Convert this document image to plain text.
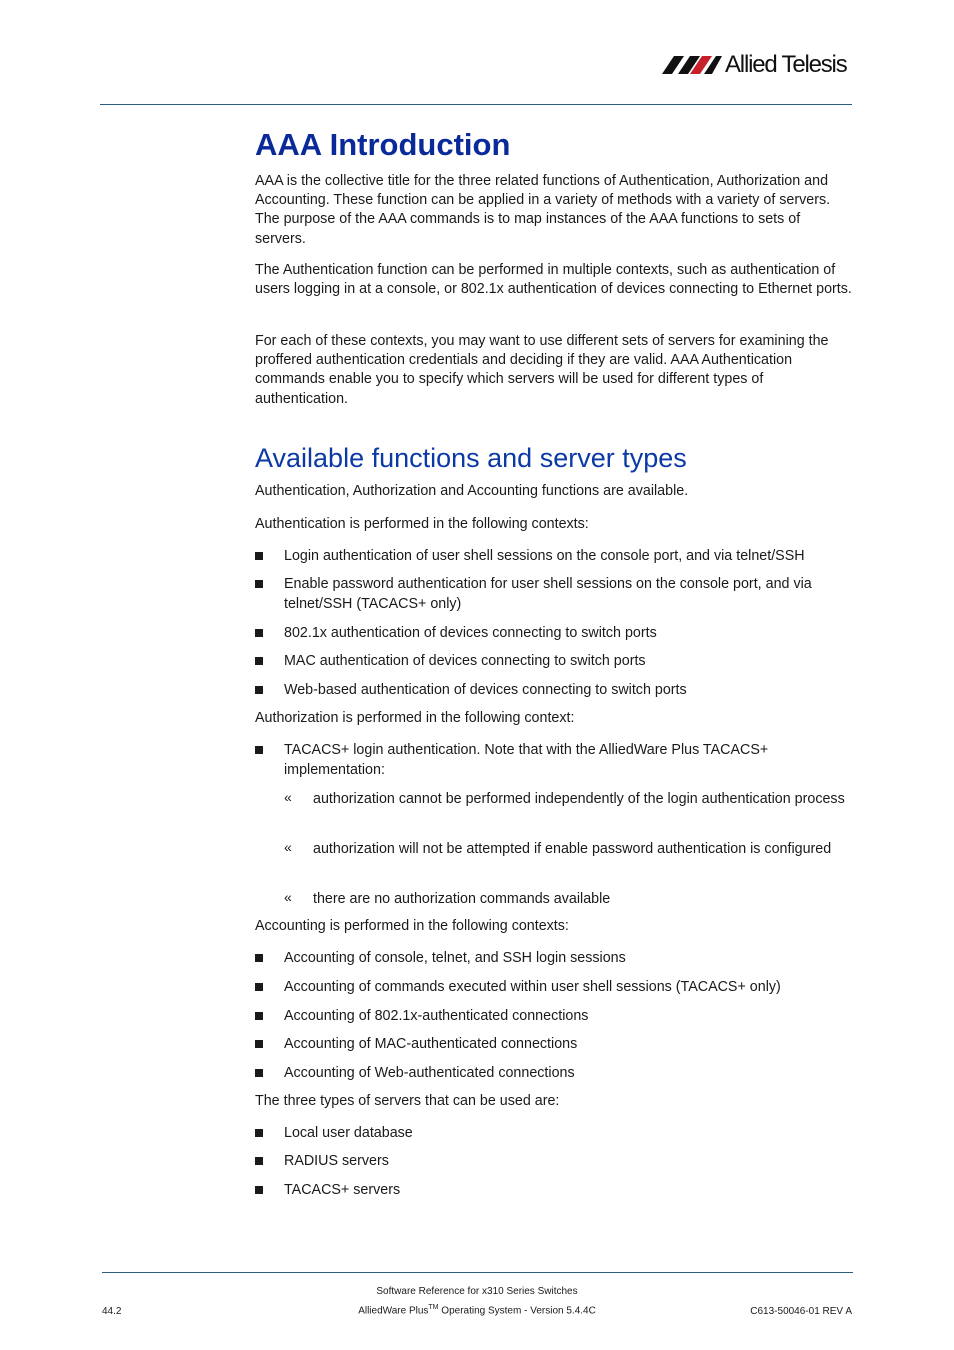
Allied Telesis
AAA Introduction

AAA is the collective title for the three related functions of Authentication, Authorization and Accounting. These function can be applied in a variety of methods with a variety of servers. The purpose of the AAA commands is to map instances of the AAA functions to sets of servers.

The Authentication function can be performed in multiple contexts, such as authentication of users logging in at a console, or 802.1x authentication of devices connecting to Ethernet ports.

For each of these contexts, you may want to use different sets of servers for examining the proffered authentication credentials and deciding if they are valid. AAA Authentication commands enable you to specify which servers will be used for different types of authentication.

Available functions and server types

Authentication, Authorization and Accounting functions are available.

Authentication is performed in the following contexts:

Login authentication of user shell sessions on the console port, and via telnet/SSH
Enable password authentication for user shell sessions on the console port, and via telnet/SSH (TACACS+ only)
802.1x authentication of devices connecting to switch ports
MAC authentication of devices connecting to switch ports
Web-based authentication of devices connecting to switch ports

Authorization is performed in the following context:

TACACS+ login authentication. Note that with the AlliedWare Plus TACACS+ implementation:
« authorization cannot be performed independently of the login authentication process
« authorization will not be attempted if enable password authentication is configured
« there are no authorization commands available

Accounting is performed in the following contexts:

Accounting of console, telnet, and SSH login sessions
Accounting of commands executed within user shell sessions (TACACS+ only)
Accounting of 802.1x-authenticated connections
Accounting of MAC-authenticated connections
Accounting of Web-authenticated connections

The three types of servers that can be used are:

Local user database
RADIUS servers
TACACS+ servers
Software Reference for x310 Series Switches
44.2	AlliedWare Plus™ Operating System - Version 5.4.4C	C613-50046-01 REV A
